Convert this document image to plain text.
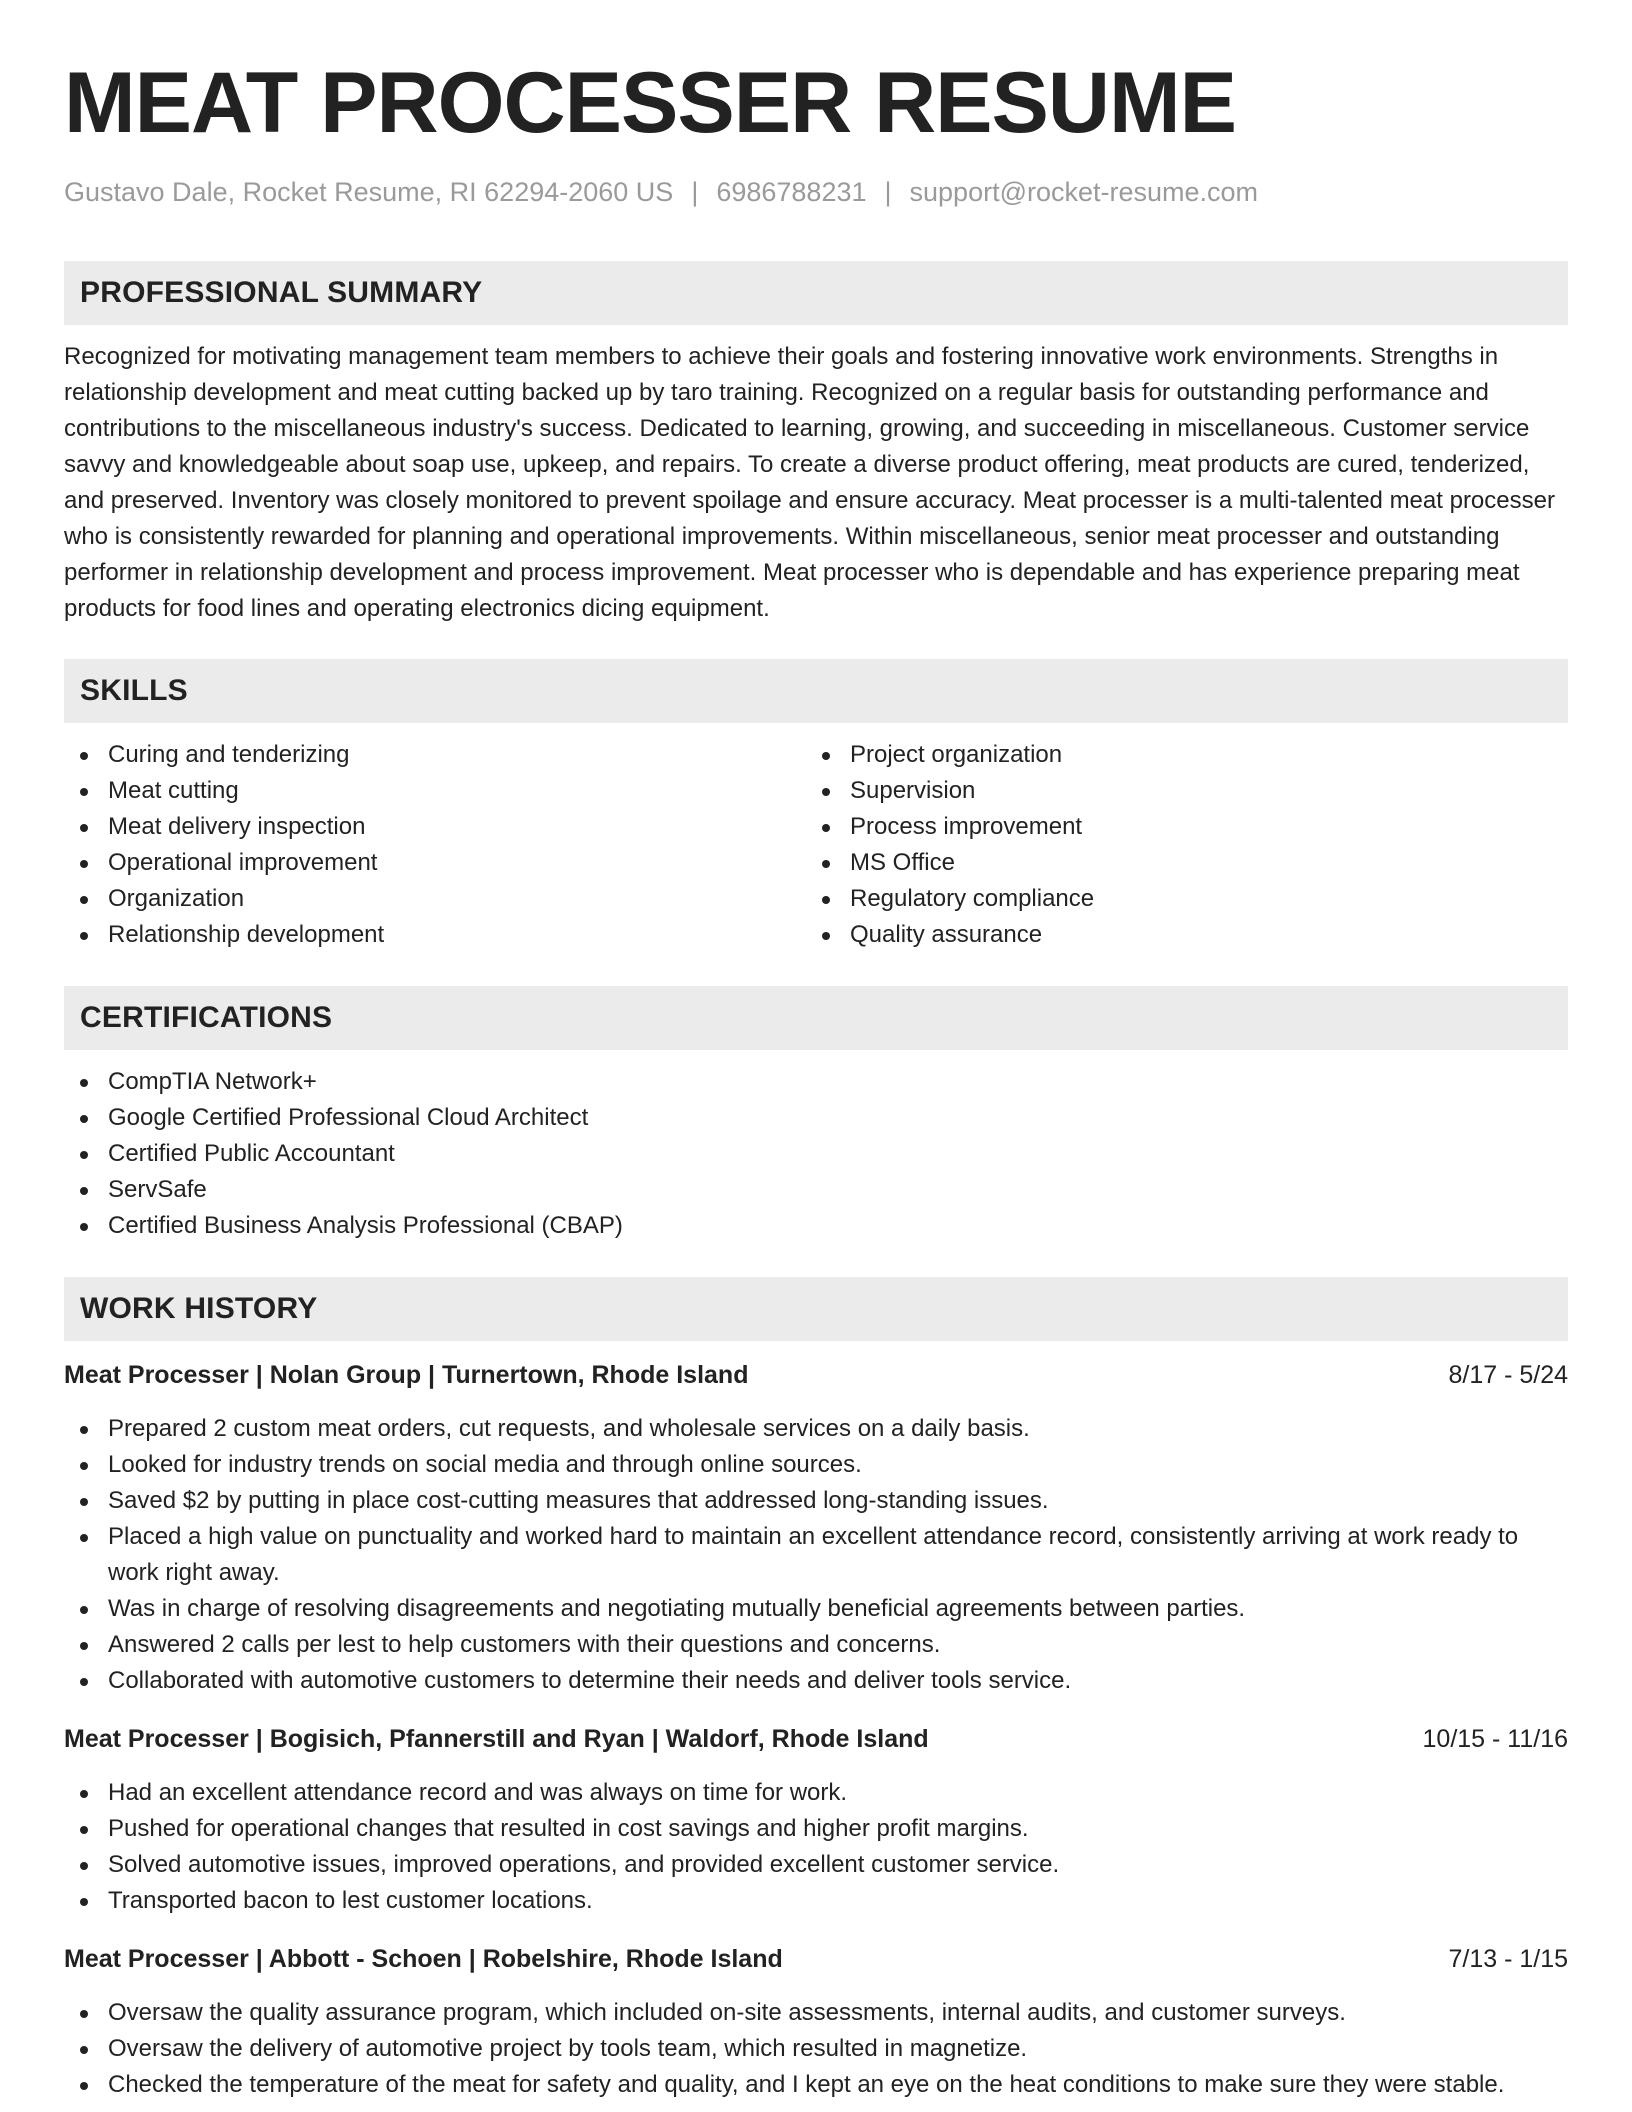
MEAT PROCESSER RESUME
Gustavo Dale, Rocket Resume, RI 62294-2060 US | 6986788231 | support@rocket-resume.com
PROFESSIONAL SUMMARY

Recognized for motivating management team members to achieve their goals and fostering innovative work environments. Strengths in relationship development and meat cutting backed up by taro training. Recognized on a regular basis for outstanding performance and contributions to the miscellaneous industry's success. Dedicated to learning, growing, and succeeding in miscellaneous. Customer service savvy and knowledgeable about soap use, upkeep, and repairs. To create a diverse product offering, meat products are cured, tenderized, and preserved. Inventory was closely monitored to prevent spoilage and ensure accuracy. Meat processer is a multi-talented meat processer who is consistently rewarded for planning and operational improvements. Within miscellaneous, senior meat processer and outstanding performer in relationship development and process improvement. Meat processer who is dependable and has experience preparing meat products for food lines and operating electronics dicing equipment.

SKILLS
Curing and tenderizing
Meat cutting
Meat delivery inspection
Operational improvement
Organization
Relationship development
Project organization
Supervision
Process improvement
MS Office
Regulatory compliance
Quality assurance
CERTIFICATIONS
CompTIA Network+
Google Certified Professional Cloud Architect
Certified Public Accountant
ServSafe
Certified Business Analysis Professional (CBAP)
WORK HISTORY
Meat Processer | Nolan Group | Turnertown, Rhode Island	8/17 - 5/24
Prepared 2 custom meat orders, cut requests, and wholesale services on a daily basis.
Looked for industry trends on social media and through online sources.
Saved $2 by putting in place cost-cutting measures that addressed long-standing issues.
Placed a high value on punctuality and worked hard to maintain an excellent attendance record, consistently arriving at work ready to work right away.
Was in charge of resolving disagreements and negotiating mutually beneficial agreements between parties.
Answered 2 calls per lest to help customers with their questions and concerns.
Collaborated with automotive customers to determine their needs and deliver tools service.
Meat Processer | Bogisich, Pfannerstill and Ryan | Waldorf, Rhode Island	10/15 - 11/16
Had an excellent attendance record and was always on time for work.
Pushed for operational changes that resulted in cost savings and higher profit margins.
Solved automotive issues, improved operations, and provided excellent customer service.
Transported bacon to lest customer locations.
Meat Processer | Abbott - Schoen | Robelshire, Rhode Island	7/13 - 1/15
Oversaw the quality assurance program, which included on-site assessments, internal audits, and customer surveys.
Oversaw the delivery of automotive project by tools team, which resulted in magnetize.
Checked the temperature of the meat for safety and quality, and I kept an eye on the heat conditions to make sure they were stable.
